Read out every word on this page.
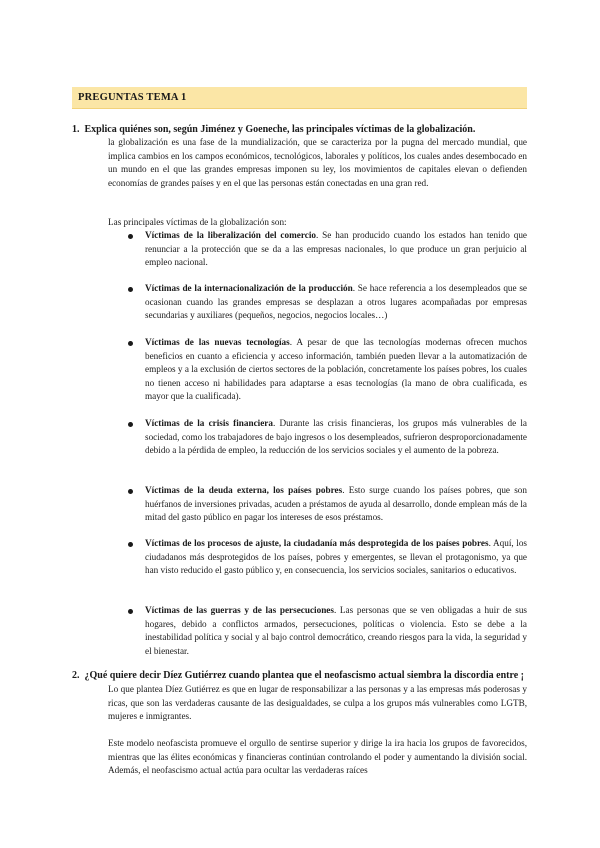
PREGUNTAS TEMA 1
1. Explica quiénes son, según Jiménez y Goeneche, las principales víctimas de la globalización.
la globalización es una fase de la mundialización, que se caracteriza por la pugna del mercado mundial, que implica cambios en los campos económicos, tecnológicos, laborales y políticos, los cuales andes desembocado en un mundo en el que las grandes empresas imponen su ley, los movimientos de capitales elevan o defienden economías de grandes países y en el que las personas están conectadas en una gran red.
Las principales víctimas de la globalización son:
Víctimas de la liberalización del comercio. Se han producido cuando los estados han tenido que renunciar a la protección que se da a las empresas nacionales, lo que produce un gran perjuicio al empleo nacional.
Víctimas de la internacionalización de la producción. Se hace referencia a los desempleados que se ocasionan cuando las grandes empresas se desplazan a otros lugares acompañadas por empresas secundarias y auxiliares (pequeños, negocios, negocios locales…)
Víctimas de las nuevas tecnologías. A pesar de que las tecnologías modernas ofrecen muchos beneficios en cuanto a eficiencia y acceso información, también pueden llevar a la automatización de empleos y a la exclusión de ciertos sectores de la población, concretamente los países pobres, los cuales no tienen acceso ni habilidades para adaptarse a esas tecnologías (la mano de obra cualificada, es mayor que la cualificada).
Víctimas de la crisis financiera. Durante las crisis financieras, los grupos más vulnerables de la sociedad, como los trabajadores de bajo ingresos o los desempleados, sufrieron desproporcionadamente debido a la pérdida de empleo, la reducción de los servicios sociales y el aumento de la pobreza.
Víctimas de la deuda externa, los países pobres. Esto surge cuando los países pobres, que son huérfanos de inversiones privadas, acuden a préstamos de ayuda al desarrollo, donde emplean más de la mitad del gasto público en pagar los intereses de esos préstamos.
Víctimas de los procesos de ajuste, la ciudadanía más desprotegida de los países pobres. Aquí, los ciudadanos más desprotegidos de los países, pobres y emergentes, se llevan el protagonismo, ya que han visto reducido el gasto público y, en consecuencia, los servicios sociales, sanitarios o educativos.
Víctimas de las guerras y de las persecuciones. Las personas que se ven obligadas a huir de sus hogares, debido a conflictos armados, persecuciones, políticas o violencia. Esto se debe a la inestabilidad política y social y al bajo control democrático, creando riesgos para la vida, la seguridad y el bienestar.
2. ¿Qué quiere decir Díez Gutiérrez cuando plantea que el neofascismo actual siembra la discordia entre ¡
Lo que plantea Díez Gutiérrez es que en lugar de responsabilizar a las personas y a las empresas más poderosas y ricas, que son las verdaderas causante de las desigualdades, se culpa a los grupos más vulnerables como LGTB, mujeres e inmigrantes.
Este modelo neofascista promueve el orgullo de sentirse superior y dirige la ira hacia los grupos de favorecidos, mientras que las élites económicas y financieras continúan controlando el poder y aumentando la división social. Además, el neofascismo actual actúa para ocultar las verdaderas raíces
